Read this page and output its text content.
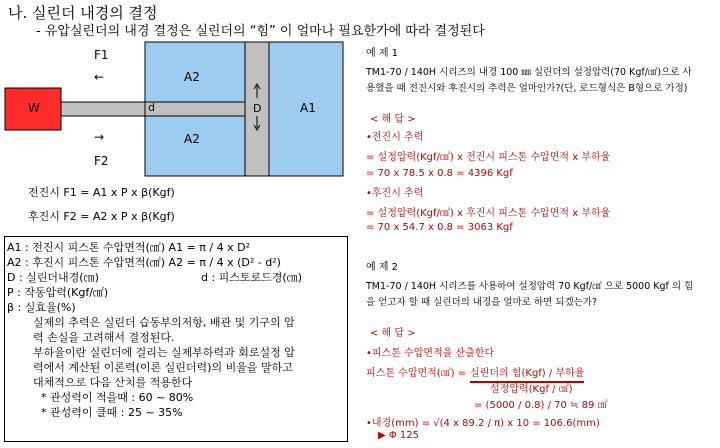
나. 실린더 내경의 결정
- 유압실린더의 내경 결정은 실린더의 “힘” 이 얼마나 필요한가에 따라 결정된다
F1
←
→
F2
W	d
A2
A2
D	A1
전진시 F1 = A1 x P x β(Kgf)
후진시 F2 = A2 x P x β(Kgf)
A1 : 전진시 피스톤 수압면적(㎠) A1 = π / 4 x D²
A2 : 후진시 피스톤 수압면적(㎠) A2 = π / 4 x (D² - d²)
D : 실린더내경(㎝)	d : 피스토로드경(㎝)
P : 작동압력(Kgf/㎠)
β : 실효율(%)
실제의 추력은 실린더 습동부의저항, 배관 및 기구의 압
력 손실을 고려해서 결정된다.
부하율이란 실린더에 걸리는 실제부하력과 회로설정 압
력에서 계산된 이론력(이론 실린더력)의 비율을 말하고
대체적으로 다음 산치를 적용한다
* 관성력이 적을때 : 60 ~ 80%
* 관성력이 클때 : 25 ~ 35%
예 제 1
TM1-70 / 140H 시리즈의 내경 100 ㎜ 실린더의 설정압력(70 Kgf/㎠)으로 사
용했을 때 전진시와 후진시의 추력은 얼마인가?(단, 로드형식은 B형으로 가정)
< 해 답 >
•전진시 추력
= 설정압력(Kgf/㎠) x 전진시 피스톤 수압면적 x 부하율
= 70 x 78.5 x 0.8 = 4396 Kgf
•후진시 추력
= 설정압력(Kgf/㎠) x 후진시 피스톤 수압면적 x 부하율
= 70 x 54.7 x 0.8 = 3063 Kgf
예 제 2
TM1-70 / 140H 시리즈를 사용하여 설정압력 70 Kgf/㎠ 으로 5000 Kgf 의 힘
을 얻고자 할 때 실린더의 내경을 얼마로 하면 되겠는가?
< 해 답 >
•피스톤 수압면적을 산출한다
피스톤 수압면적(㎠) = 실린더의 힘(Kgf) / 부하율
설정압력(Kgf / ㎠)
= (5000 / 0.8) / 70 ≒ 89 ㎠
•내경(mm) = √(4 x 89.2 / π) x 10 = 106.6(mm)
▶ Φ 125
